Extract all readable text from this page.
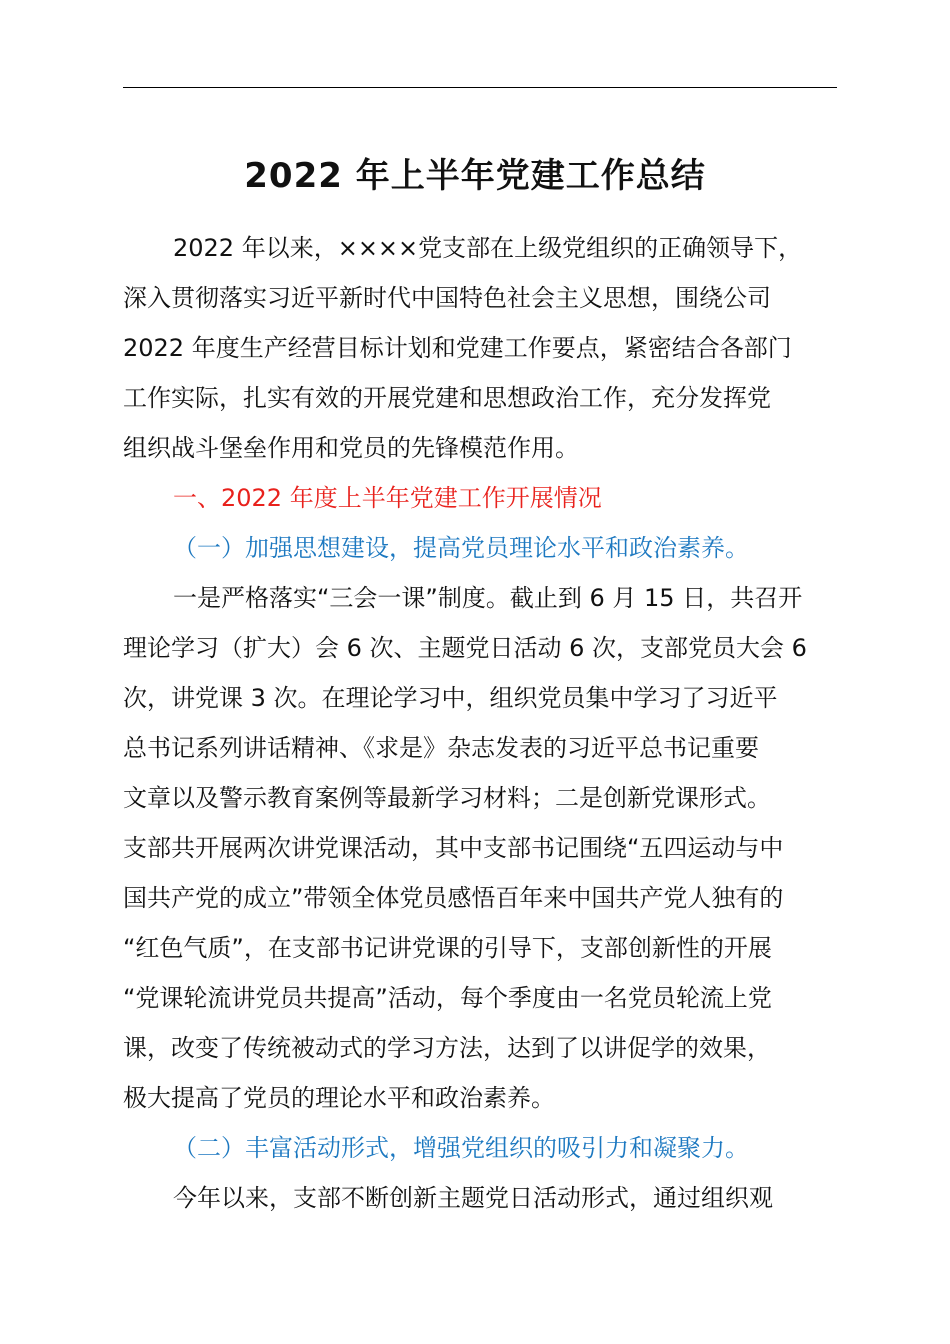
2022 年上半年党建工作总结
2022 年以来，××××党支部在上级党组织的正确领导下，
深入贯彻落实习近平新时代中国特色社会主义思想，围绕公司
2022 年度生产经营目标计划和党建工作要点，紧密结合各部门
工作实际，扎实有效的开展党建和思想政治工作，充分发挥党
组织战斗堡垒作用和党员的先锋模范作用。
一、2022 年度上半年党建工作开展情况
（一）加强思想建设，提高党员理论水平和政治素养。
一是严格落实“三会一课”制度。截止到 6 月 15 日，共召开
理论学习（扩大）会 6 次、主题党日活动 6 次，支部党员大会 6
次，讲党课 3 次。在理论学习中，组织党员集中学习了习近平
总书记系列讲话精神、《求是》杂志发表的习近平总书记重要
文章以及警示教育案例等最新学习材料；二是创新党课形式。
支部共开展两次讲党课活动，其中支部书记围绕“五四运动与中
国共产党的成立”带领全体党员感悟百年来中国共产党人独有的
“红色气质”，在支部书记讲党课的引导下，支部创新性的开展
“党课轮流讲党员共提高”活动，每个季度由一名党员轮流上党
课，改变了传统被动式的学习方法，达到了以讲促学的效果，
极大提高了党员的理论水平和政治素养。
（二）丰富活动形式，增强党组织的吸引力和凝聚力。
今年以来，支部不断创新主题党日活动形式，通过组织观
